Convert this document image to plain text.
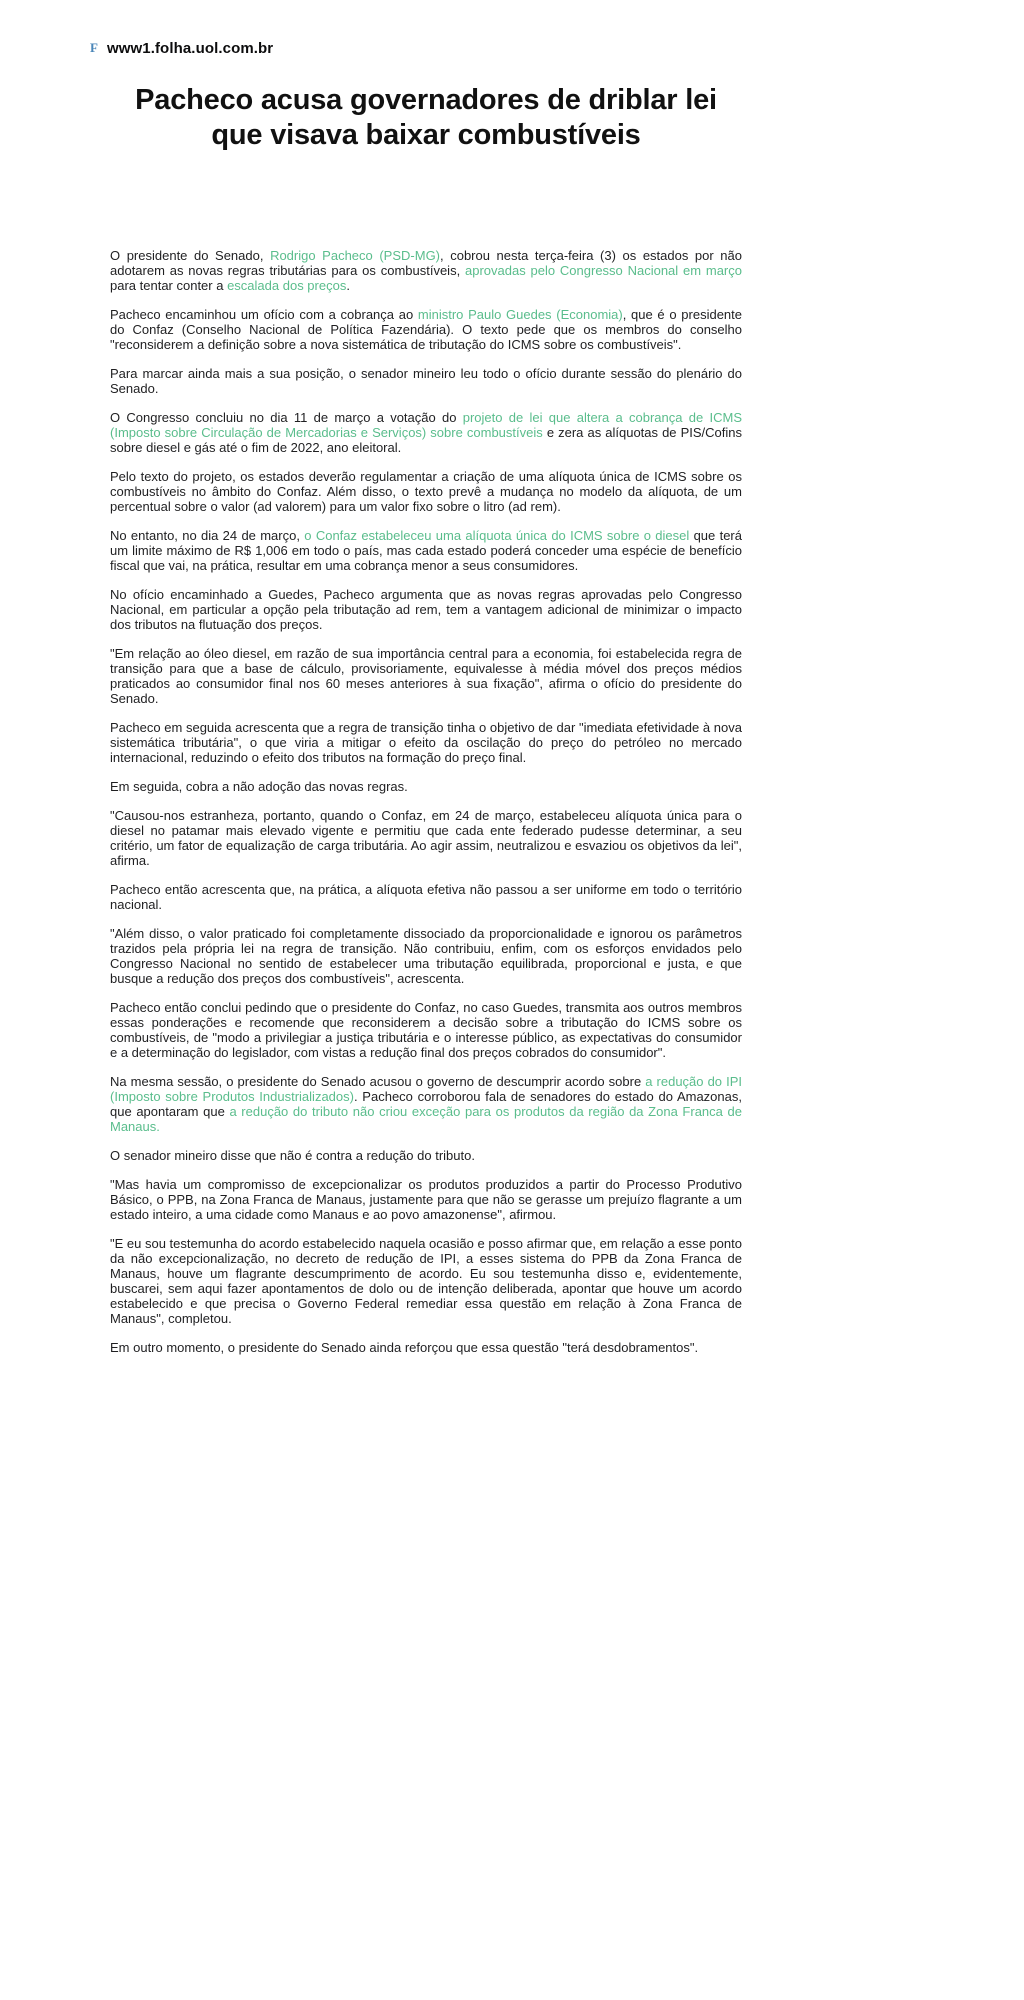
F www1.folha.uol.com.br
Pacheco acusa governadores de driblar lei que visava baixar combustíveis

O presidente do Senado, Rodrigo Pacheco (PSD-MG), cobrou nesta terça-feira (3) os estados por não adotarem as novas regras tributárias para os combustíveis, aprovadas pelo Congresso Nacional em março para tentar conter a escalada dos preços.

Pacheco encaminhou um ofício com a cobrança ao ministro Paulo Guedes (Economia), que é o presidente do Confaz (Conselho Nacional de Política Fazendária). O texto pede que os membros do conselho "reconsiderem a definição sobre a nova sistemática de tributação do ICMS sobre os combustíveis".

Para marcar ainda mais a sua posição, o senador mineiro leu todo o ofício durante sessão do plenário do Senado.

O Congresso concluiu no dia 11 de março a votação do projeto de lei que altera a cobrança de ICMS (Imposto sobre Circulação de Mercadorias e Serviços) sobre combustíveis e zera as alíquotas de PIS/Cofins sobre diesel e gás até o fim de 2022, ano eleitoral.

Pelo texto do projeto, os estados deverão regulamentar a criação de uma alíquota única de ICMS sobre os combustíveis no âmbito do Confaz. Além disso, o texto prevê a mudança no modelo da alíquota, de um percentual sobre o valor (ad valorem) para um valor fixo sobre o litro (ad rem).

No entanto, no dia 24 de março, o Confaz estabeleceu uma alíquota única do ICMS sobre o diesel que terá um limite máximo de R$ 1,006 em todo o país, mas cada estado poderá conceder uma espécie de benefício fiscal que vai, na prática, resultar em uma cobrança menor a seus consumidores.

No ofício encaminhado a Guedes, Pacheco argumenta que as novas regras aprovadas pelo Congresso Nacional, em particular a opção pela tributação ad rem, tem a vantagem adicional de minimizar o impacto dos tributos na flutuação dos preços.

"Em relação ao óleo diesel, em razão de sua importância central para a economia, foi estabelecida regra de transição para que a base de cálculo, provisoriamente, equivalesse à média móvel dos preços médios praticados ao consumidor final nos 60 meses anteriores à sua fixação", afirma o ofício do presidente do Senado.

Pacheco em seguida acrescenta que a regra de transição tinha o objetivo de dar "imediata efetividade à nova sistemática tributária", o que viria a mitigar o efeito da oscilação do preço do petróleo no mercado internacional, reduzindo o efeito dos tributos na formação do preço final.

Em seguida, cobra a não adoção das novas regras.

"Causou-nos estranheza, portanto, quando o Confaz, em 24 de março, estabeleceu alíquota única para o diesel no patamar mais elevado vigente e permitiu que cada ente federado pudesse determinar, a seu critério, um fator de equalização de carga tributária. Ao agir assim, neutralizou e esvaziou os objetivos da lei", afirma.

Pacheco então acrescenta que, na prática, a alíquota efetiva não passou a ser uniforme em todo o território nacional.

"Além disso, o valor praticado foi completamente dissociado da proporcionalidade e ignorou os parâmetros trazidos pela própria lei na regra de transição. Não contribuiu, enfim, com os esforços envidados pelo Congresso Nacional no sentido de estabelecer uma tributação equilibrada, proporcional e justa, e que busque a redução dos preços dos combustíveis", acrescenta.

Pacheco então conclui pedindo que o presidente do Confaz, no caso Guedes, transmita aos outros membros essas ponderações e recomende que reconsiderem a decisão sobre a tributação do ICMS sobre os combustíveis, de "modo a privilegiar a justiça tributária e o interesse público, as expectativas do consumidor e a determinação do legislador, com vistas a redução final dos preços cobrados do consumidor".

Na mesma sessão, o presidente do Senado acusou o governo de descumprir acordo sobre a redução do IPI (Imposto sobre Produtos Industrializados). Pacheco corroborou fala de senadores do estado do Amazonas, que apontaram que a redução do tributo não criou exceção para os produtos da região da Zona Franca de Manaus.

O senador mineiro disse que não é contra a redução do tributo.

"Mas havia um compromisso de excepcionalizar os produtos produzidos a partir do Processo Produtivo Básico, o PPB, na Zona Franca de Manaus, justamente para que não se gerasse um prejuízo flagrante a um estado inteiro, a uma cidade como Manaus e ao povo amazonense", afirmou.

"E eu sou testemunha do acordo estabelecido naquela ocasião e posso afirmar que, em relação a esse ponto da não excepcionalização, no decreto de redução de IPI, a esses sistema do PPB da Zona Franca de Manaus, houve um flagrante descumprimento de acordo. Eu sou testemunha disso e, evidentemente, buscarei, sem aqui fazer apontamentos de dolo ou de intenção deliberada, apontar que houve um acordo estabelecido e que precisa o Governo Federal remediar essa questão em relação à Zona Franca de Manaus", completou.

Em outro momento, o presidente do Senado ainda reforçou que essa questão "terá desdobramentos".
